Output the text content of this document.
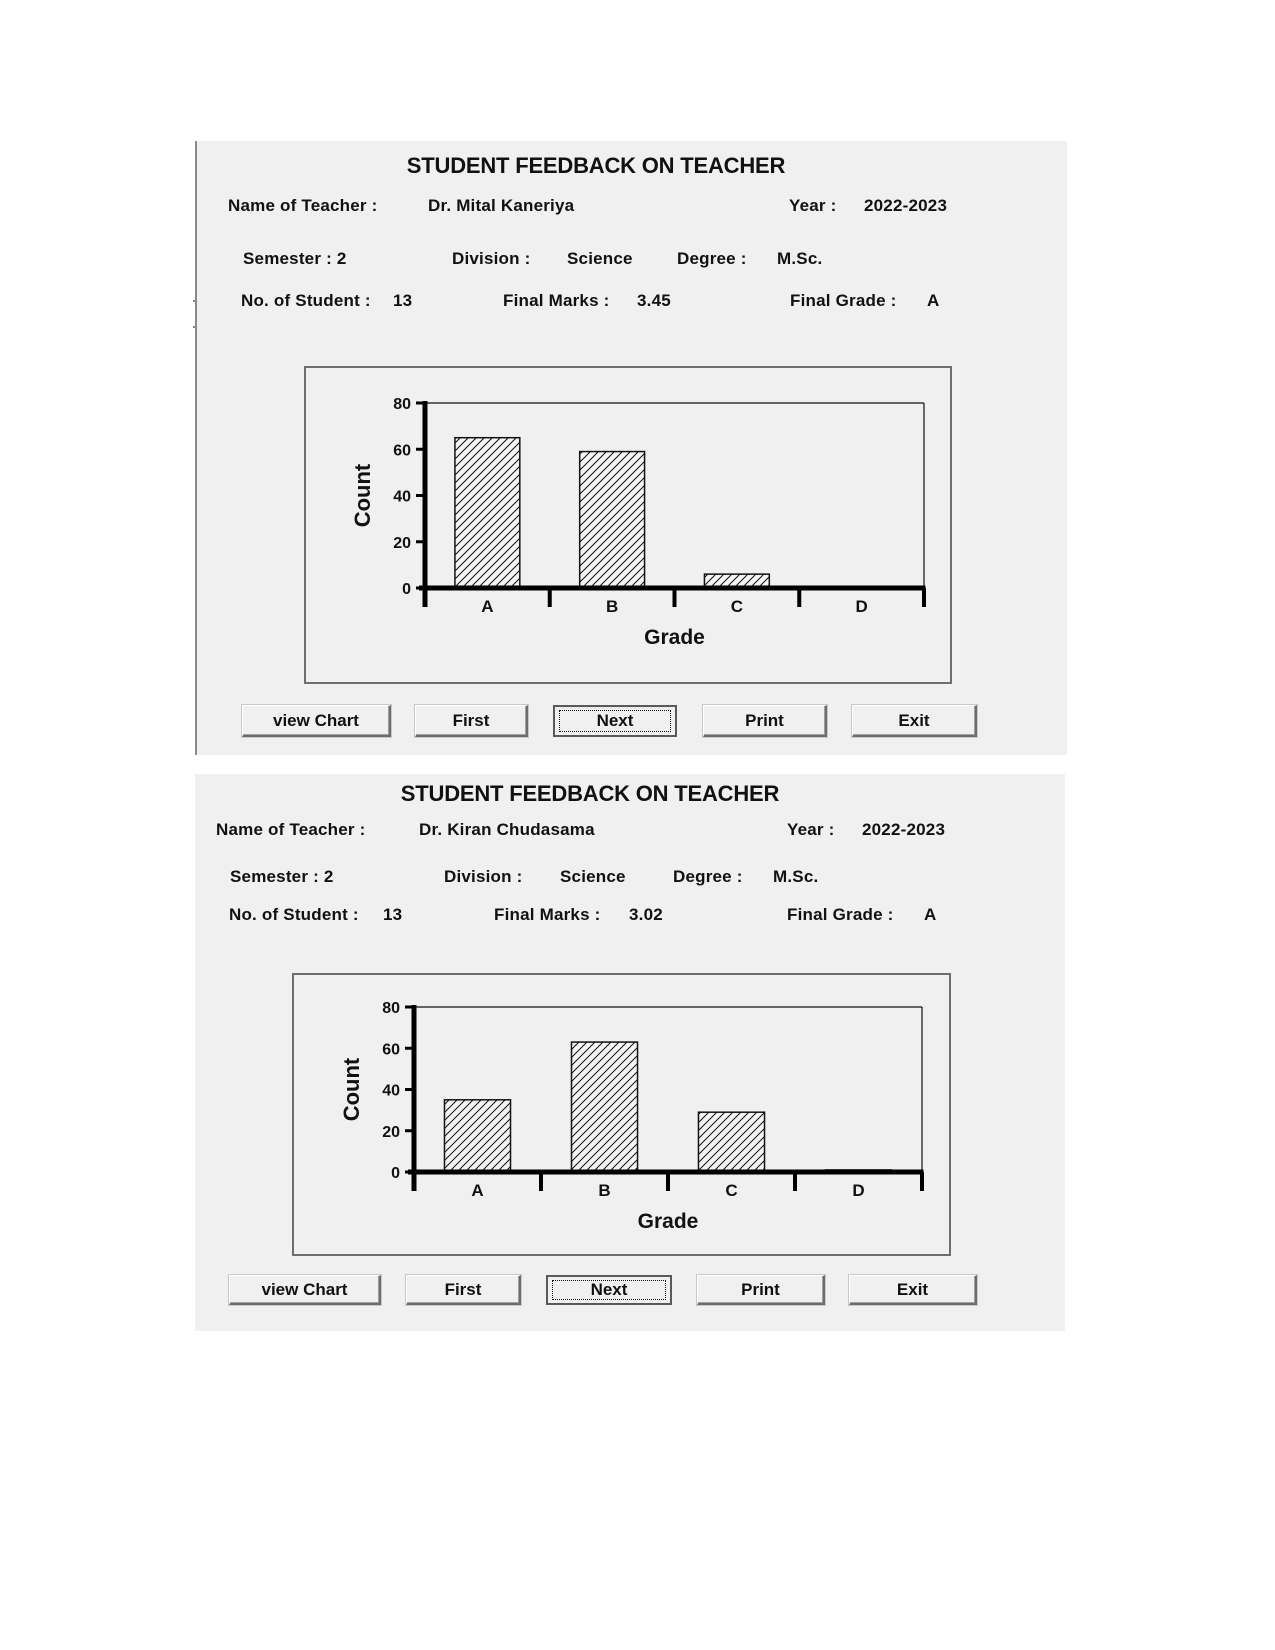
STUDENT FEEDBACK ON TEACHER
Name of Teacher :	Dr. Mital Kaneriya	Year : 2022-2023
Semester : 2	Division : Science	Degree : M.Sc.
No. of Student : 13	Final Marks : 3.45	Final Grade : A
0
20
40
60
80
A	B	C	D
Grade
Count
view Chart	First	Next	Print	Exit
STUDENT FEEDBACK ON TEACHER
Name of Teacher :	Dr. Kiran Chudasama	Year : 2022-2023
Semester : 2	Division : Science	Degree : M.Sc.
No. of Student : 13	Final Marks : 3.02	Final Grade : A
0
20
40
60
80
A	B	C	D
Grade
Count
view Chart	First	Next	Print	Exit
